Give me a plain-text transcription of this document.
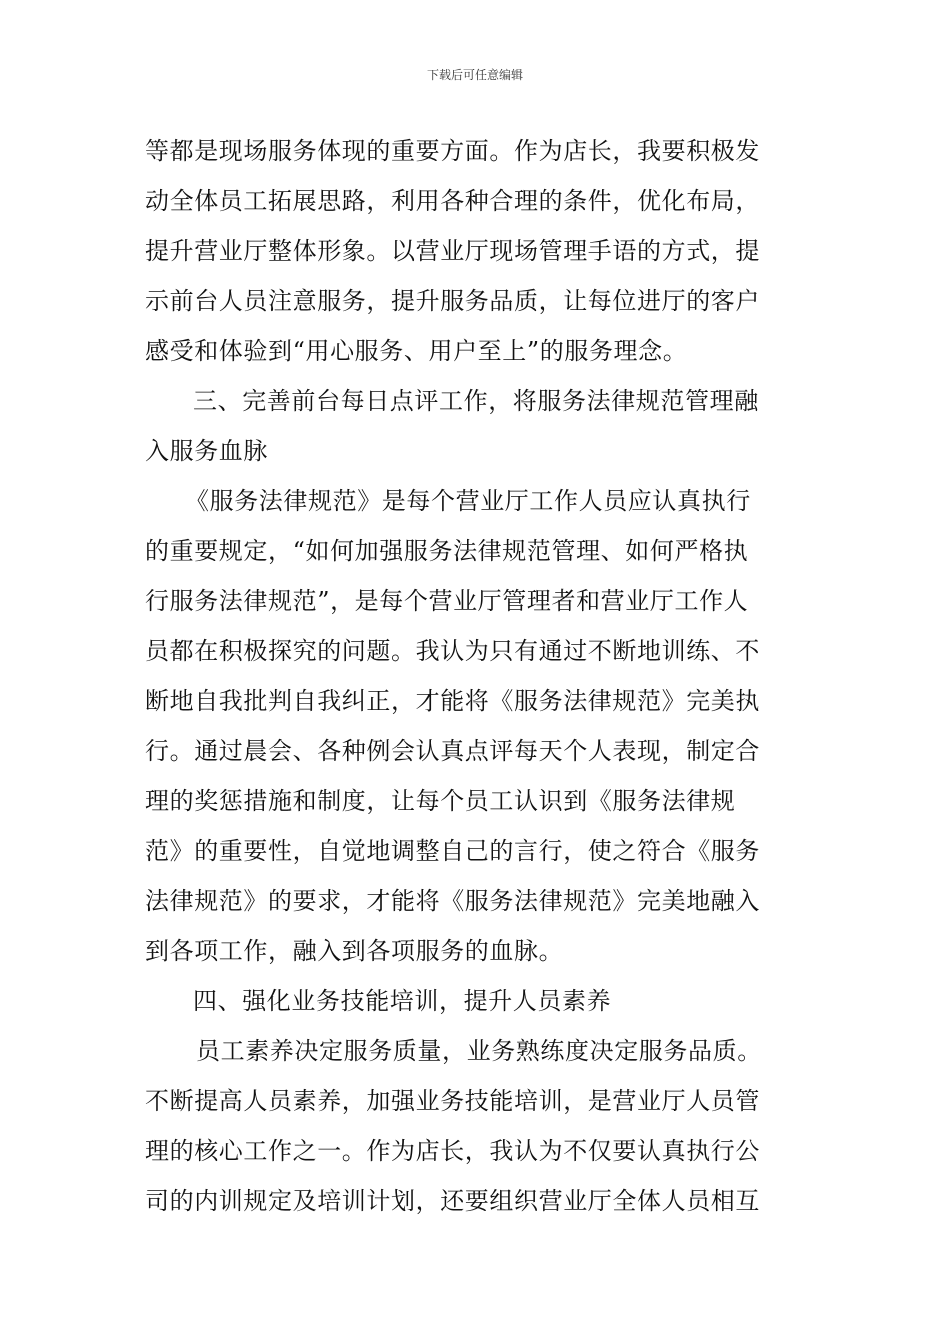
下载后可任意编辑
等都是现场服务体现的重要方面。作为店长，我要积极发
动全体员工拓展思路，利用各种合理的条件，优化布局，
提升营业厅整体形象。以营业厅现场管理手语的方式，提
示前台人员注意服务，提升服务品质，让每位进厅的客户
感受和体验到“用心服务、用户至上”的服务理念。
三、完善前台每日点评工作，将服务法律规范管理融
入服务血脉
《服务法律规范》是每个营业厅工作人员应认真执行
的重要规定，“如何加强服务法律规范管理、如何严格执
行服务法律规范”，是每个营业厅管理者和营业厅工作人
员都在积极探究的问题。我认为只有通过不断地训练、不
断地自我批判自我纠正，才能将《服务法律规范》完美执
行。通过晨会、各种例会认真点评每天个人表现，制定合
理的奖惩措施和制度，让每个员工认识到《服务法律规
范》的重要性，自觉地调整自己的言行，使之符合《服务
法律规范》的要求，才能将《服务法律规范》完美地融入
到各项工作，融入到各项服务的血脉。
四、强化业务技能培训，提升人员素养
员工素养决定服务质量，业务熟练度决定服务品质。
不断提高人员素养，加强业务技能培训，是营业厅人员管
理的核心工作之一。作为店长，我认为不仅要认真执行公
司的内训规定及培训计划，还要组织营业厅全体人员相互
